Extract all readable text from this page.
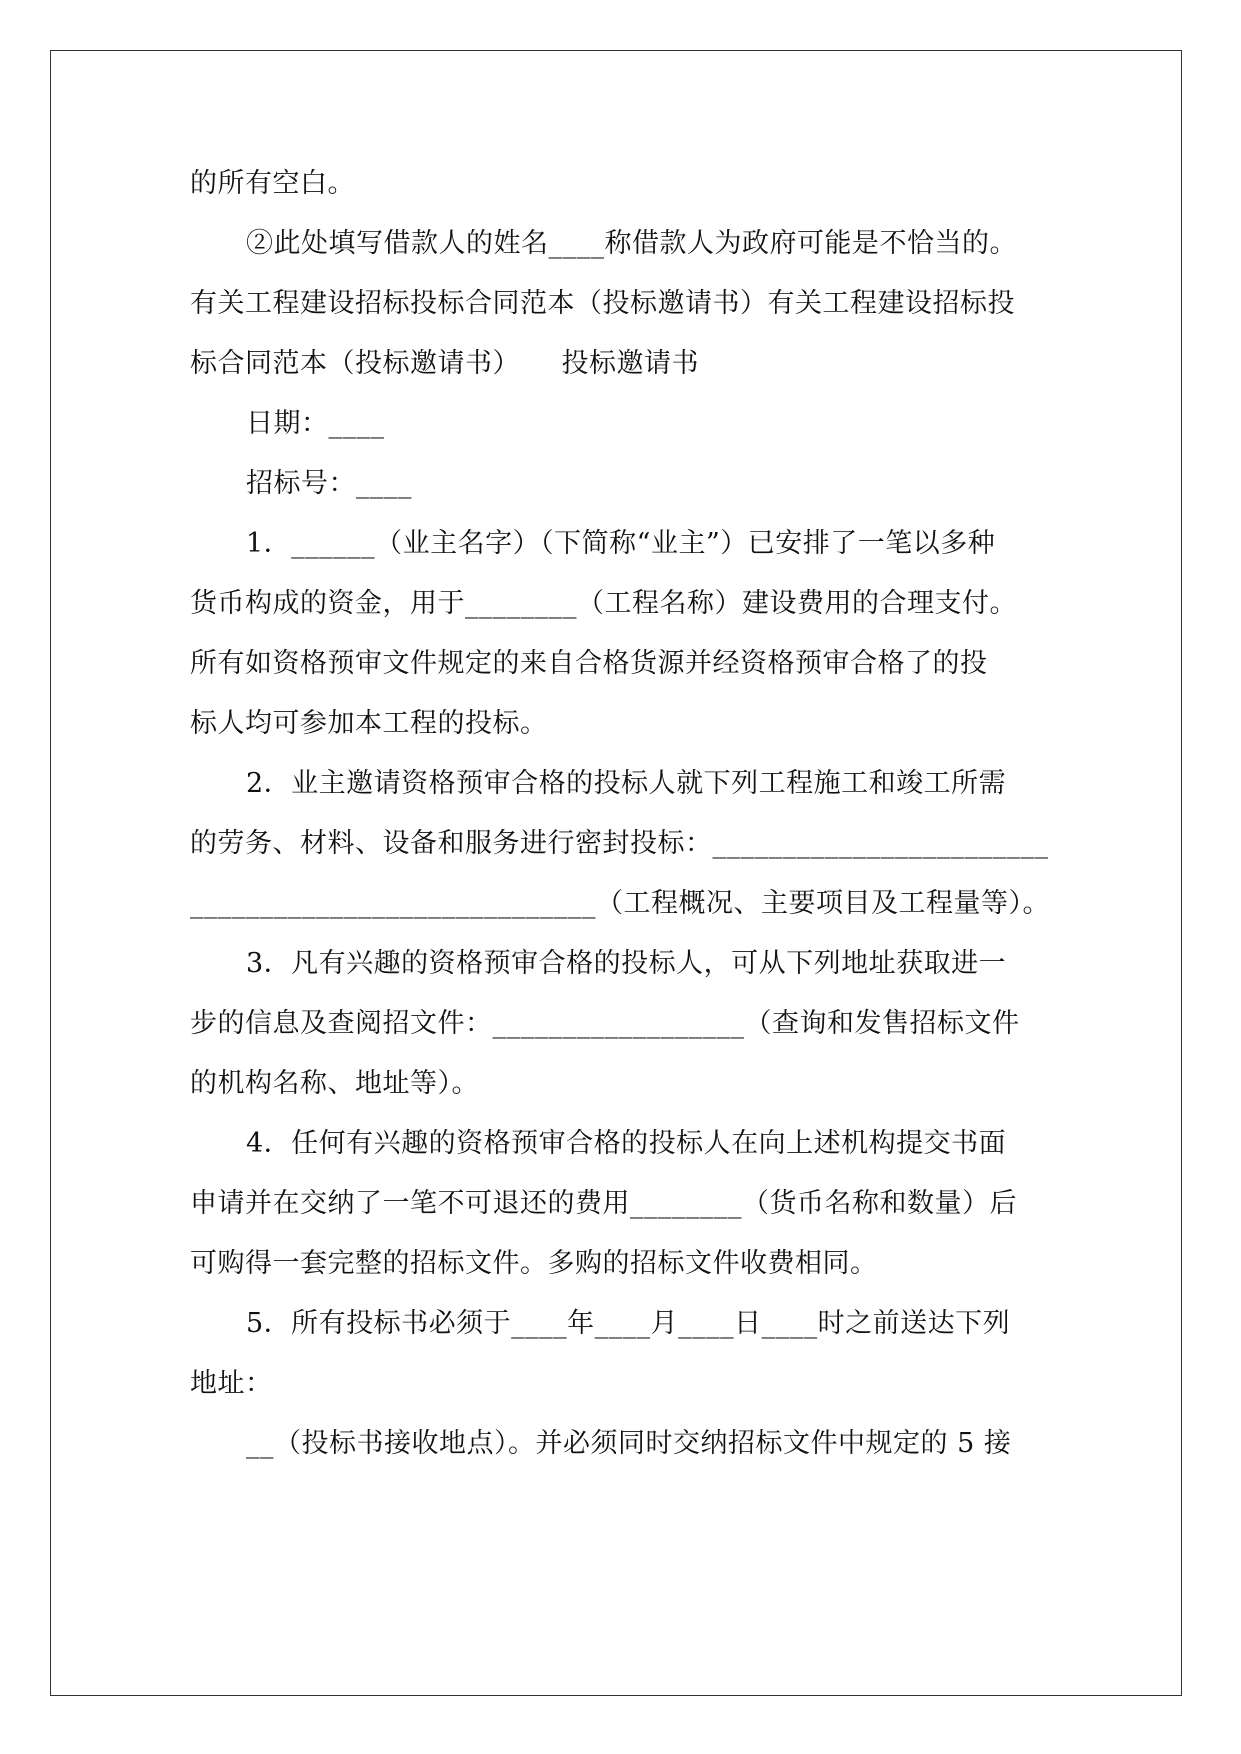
的所有空白。
②此处填写借款人的姓名____称借款人为政府可能是不恰当的。
有关工程建设招标投标合同范本（投标邀请书）有关工程建设招标投
标合同范本（投标邀请书）　　投标邀请书
日期：____
招标号：____
1．______（业主名字）（下简称“业主”）已安排了一笔以多种
货币构成的资金，用于________（工程名称）建设费用的合理支付。
所有如资格预审文件规定的来自合格货源并经资格预审合格了的投
标人均可参加本工程的投标。
2．业主邀请资格预审合格的投标人就下列工程施工和竣工所需
的劳务、材料、设备和服务进行密封投标：________________________
_____________________________（工程概况、主要项目及工程量等）。
3．凡有兴趣的资格预审合格的投标人，可从下列地址获取进一
步的信息及查阅招文件：__________________（查询和发售招标文件
的机构名称、地址等）。
4．任何有兴趣的资格预审合格的投标人在向上述机构提交书面
申请并在交纳了一笔不可退还的费用________（货币名称和数量）后
可购得一套完整的招标文件。多购的招标文件收费相同。
5．所有投标书必须于____年____月____日____时之前送达下列
地址：
__（投标书接收地点）。并必须同时交纳招标文件中规定的 5 接
